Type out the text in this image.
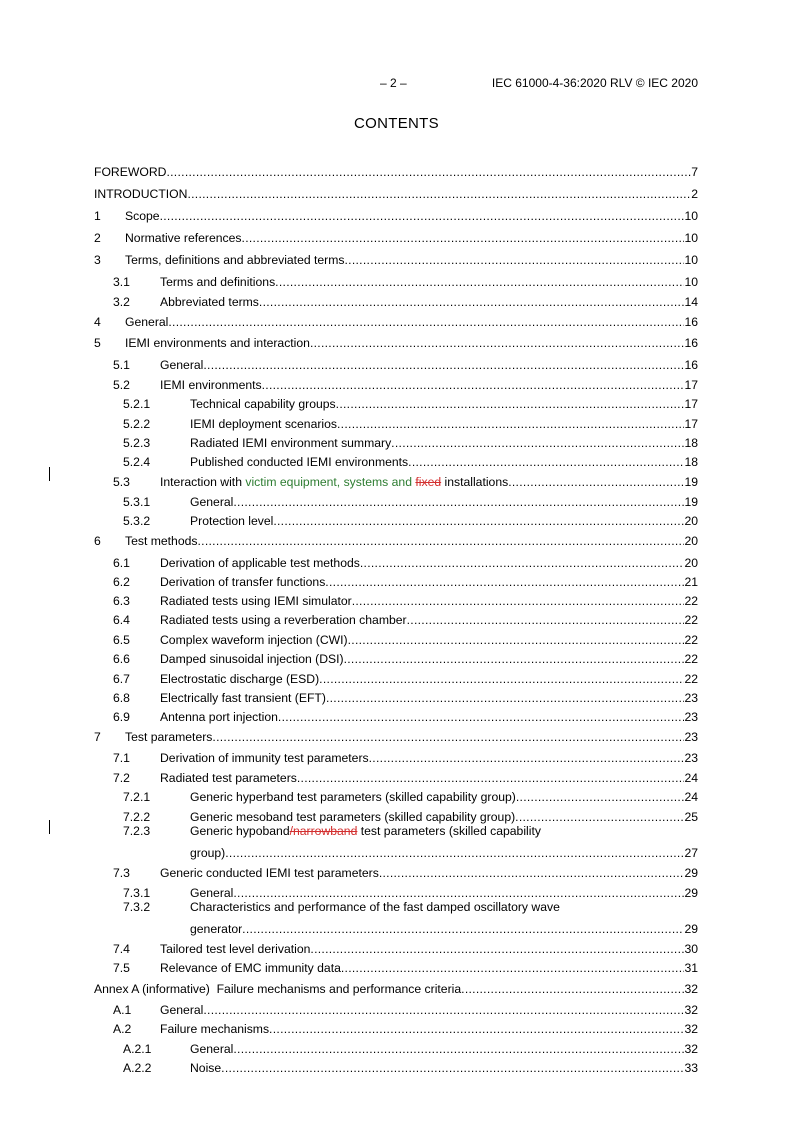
– 2 –	IEC 61000-4-36:2020 RLV © IEC 2020
CONTENTS
FOREWORD . . .	7
INTRODUCTION . . .	2
1	Scope . . .	10
2	Normative references . . .	10
3	Terms, definitions and abbreviated terms . . .	10
3.1	Terms and definitions . . .	10
3.2	Abbreviated terms . . .	14
4	General . . .	16
5	IEMI environments and interaction . . .	16
5.1	General . . .	16
5.2	IEMI environments . . .	17
5.2.1	Technical capability groups . . .	17
5.2.2	IEMI deployment scenarios . . .	17
5.2.3	Radiated IEMI environment summary . . .	18
5.2.4	Published conducted IEMI environments . . .	18
5.3	Interaction with victim equipment, systems and fixed installations . . .	19
5.3.1	General . . .	19
5.3.2	Protection level . . .	20
6	Test methods . . .	20
6.1	Derivation of applicable test methods . . .	20
6.2	Derivation of transfer functions . . .	21
6.3	Radiated tests using IEMI simulator . . .	22
6.4	Radiated tests using a reverberation chamber . . .	22
6.5	Complex waveform injection (CWI) . . .	22
6.6	Damped sinusoidal injection (DSI) . . .	22
6.7	Electrostatic discharge (ESD) . . .	22
6.8	Electrically fast transient (EFT) . . .	23
6.9	Antenna port injection . . .	23
7	Test parameters . . .	23
7.1	Derivation of immunity test parameters . . .	23
7.2	Radiated test parameters . . .	24
7.2.1	Generic hyperband test parameters (skilled capability group) . . .	24
7.2.2	Generic mesoband test parameters (skilled capability group) . . .	25
7.2.3	Generic hypoband/narrowband test parameters (skilled capability
group) . . .	27
7.3	Generic conducted IEMI test parameters . . .	29
7.3.1	General . . .	29
7.3.2	Characteristics and performance of the fast damped oscillatory wave
generator . . .	29
7.4	Tailored test level derivation . . .	30
7.5	Relevance of EMC immunity data . . .	31
Annex A (informative)  Failure mechanisms and performance criteria . . .	32
A.1	General . . .	32
A.2	Failure mechanisms . . .	32
A.2.1	General . . .	32
A.2.2	Noise . . .	33
